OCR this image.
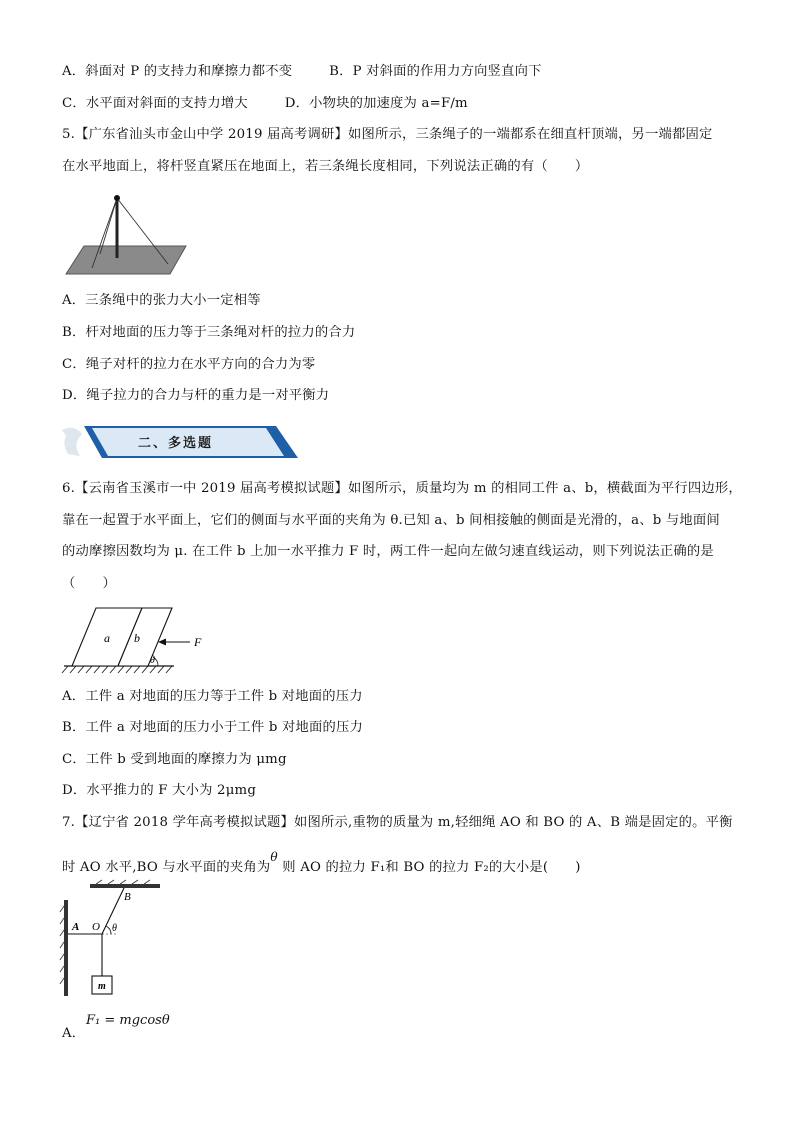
A．斜面对 P 的支持力和摩擦力都不变	B．P 对斜面的作用力方向竖直向下
C．水平面对斜面的支持力增大	D．小物块的加速度为 a=F/m
5.【广东省汕头市金山中学 2019 届高考调研】如图所示，三条绳子的一端都系在细直杆顶端，另一端都固定
在水平地面上，将杆竖直紧压在地面上，若三条绳长度相同，下列说法正确的有（　　）
A．三条绳中的张力大小一定相等
B．杆对地面的压力等于三条绳对杆的拉力的合力
C．绳子对杆的拉力在水平方向的合力为零
D．绳子拉力的合力与杆的重力是一对平衡力
二、多选题
6.【云南省玉溪市一中 2019 届高考模拟试题】如图所示，质量均为 m 的相同工件 a、b，横截面为平行四边形，
靠在一起置于水平面上，它们的侧面与水平面的夹角为 θ.已知 a、b 间相接触的侧面是光滑的，a、b 与地面间
的动摩擦因数均为 μ. 在工件 b 上加一水平推力 F 时，两工件一起向左做匀速直线运动，则下列说法正确的是
（　　）
a b	F
θ
A．工件 a 对地面的压力等于工件 b 对地面的压力
B．工件 a 对地面的压力小于工件 b 对地面的压力
C．工件 b 受到地面的摩擦力为 μmg
D．水平推力的 F 大小为 2μmg
7.【辽宁省 2018 学年高考模拟试题】如图所示,重物的质量为 m,轻细绳 AO 和 BO 的 A、B 端是固定的。平衡
时 AO 水平,BO 与水平面的夹角为θ 则 AO 的拉力 F₁和 BO 的拉力 F₂的大小是(　　)
A O
B
θ
m
A．
F₁ = mgcosθ
